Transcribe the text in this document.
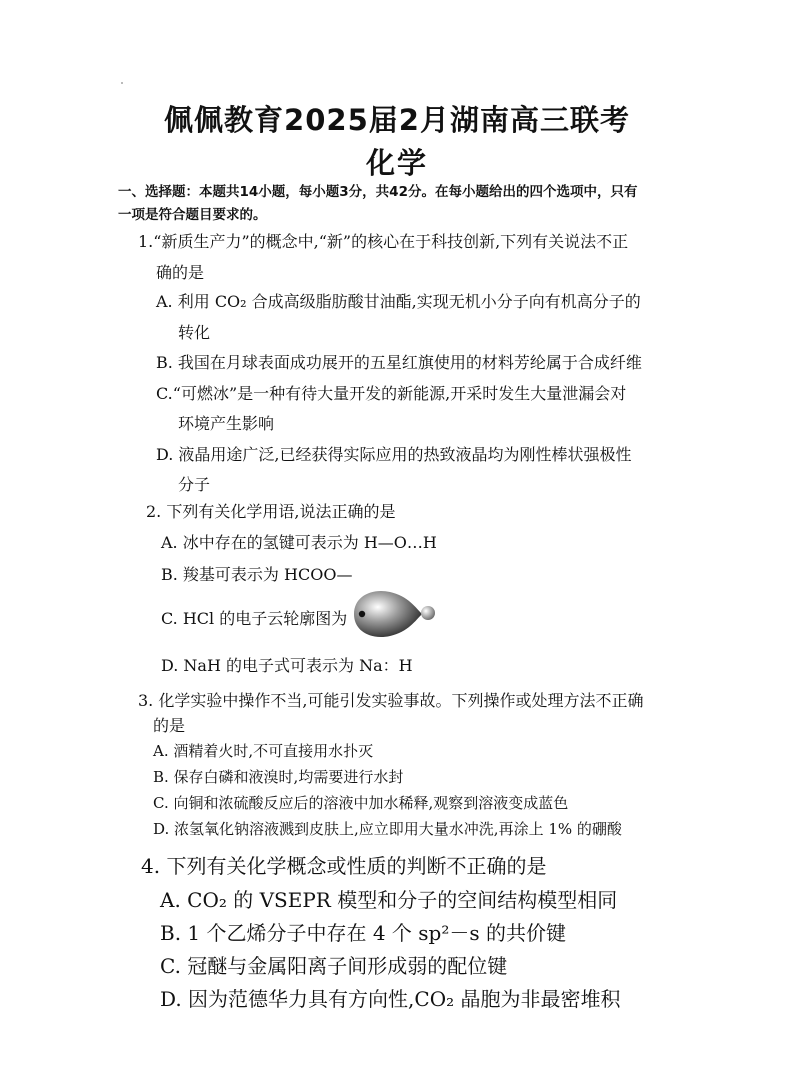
佩佩教育2025届2月湖南高三联考
化学
一、选择题：本题共14小题，每小题3分，共42分。在每小题给出的四个选项中，只有
一项是符合题目要求的。
1.“新质生产力”的概念中,“新”的核心在于科技创新,下列有关说法不正
确的是
A. 利用 CO₂ 合成高级脂肪酸甘油酯,实现无机小分子向有机高分子的
转化
B. 我国在月球表面成功展开的五星红旗使用的材料芳纶属于合成纤维
C.“可燃冰”是一种有待大量开发的新能源,开采时发生大量泄漏会对
环境产生影响
D. 液晶用途广泛,已经获得实际应用的热致液晶均为刚性棒状强极性
分子
2. 下列有关化学用语,说法正确的是
A. 冰中存在的氢键可表示为 H—O…H
B. 羧基可表示为 HCOO—
C. HCl 的电子云轮廓图为
D. NaH 的电子式可表示为 Na：H
3. 化学实验中操作不当,可能引发实验事故。下列操作或处理方法不正确
的是
A. 酒精着火时,不可直接用水扑灭
B. 保存白磷和液溴时,均需要进行水封
C. 向铜和浓硫酸反应后的溶液中加水稀释,观察到溶液变成蓝色
D. 浓氢氧化钠溶液溅到皮肤上,应立即用大量水冲洗,再涂上 1% 的硼酸
4. 下列有关化学概念或性质的判断不正确的是
A. CO₂ 的 VSEPR 模型和分子的空间结构模型相同
B. 1 个乙烯分子中存在 4 个 sp²－s 的共价键
C. 冠醚与金属阳离子间形成弱的配位键
D. 因为范德华力具有方向性,CO₂ 晶胞为非最密堆积
